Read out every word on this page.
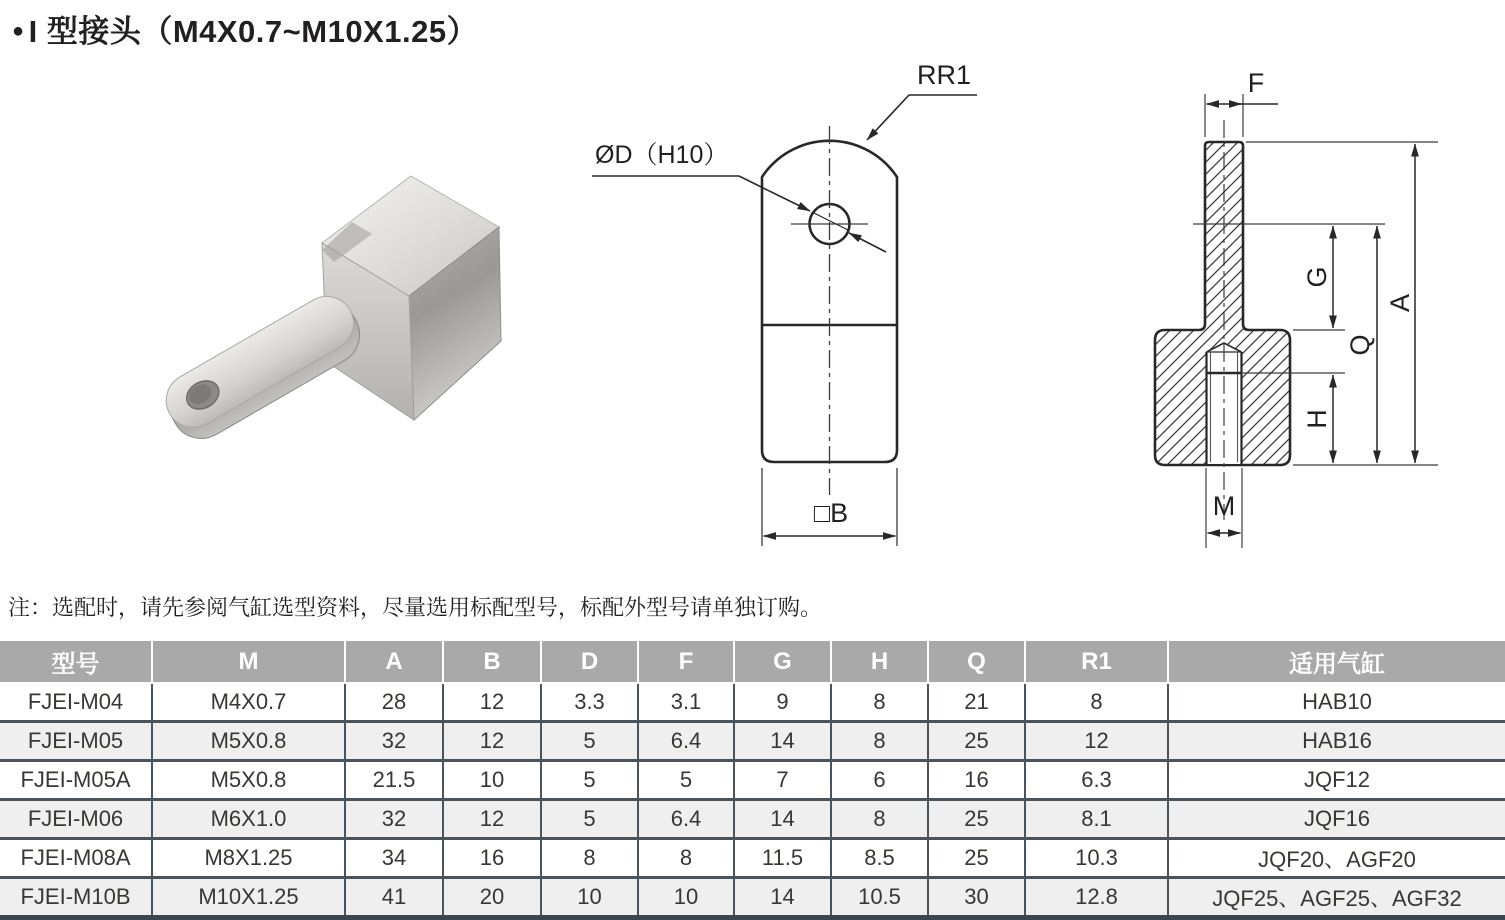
● I 型接头（M4X0.7~M10X1.25）
RR1
ØD（H10）
□B
F
G
Q
A
H
M
注：选配时，请先参阅气缸选型资料，尽量选用标配型号，标配外型号请单独订购。
型号	M	A	B	D	F	G	H	Q	R1	适用气缸
FJEI-M04	M4X0.7	28	12	3.3	3.1	9	8	21	8	HAB10
FJEI-M05	M5X0.8	32	12	5	6.4	14	8	25	12	HAB16
FJEI-M05A	M5X0.8	21.5	10	5	5	7	6	16	6.3	JQF12
FJEI-M06	M6X1.0	32	12	5	6.4	14	8	25	8.1	JQF16
FJEI-M08A	M8X1.25	34	16	8	8	11.5	8.5	25	10.3	JQF20、AGF20
FJEI-M10B	M10X1.25	41	20	10	10	14	10.5	30	12.8	JQF25、AGF25、AGF32
